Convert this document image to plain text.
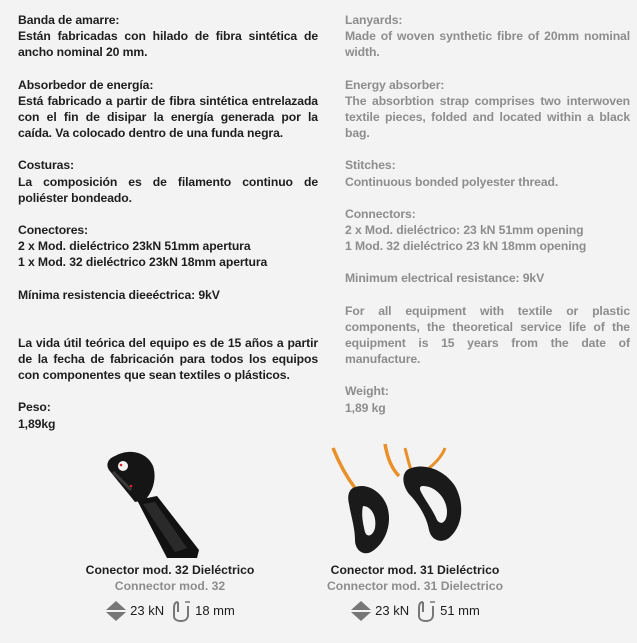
Banda de amarre:
Están fabricadas con hilado de fibra sintética de ancho nominal 20 mm.
Absorbedor de energía:
Está fabricado a partir de fibra sintética entrelazada con el fin de disipar la energía generada por la caída. Va colocado dentro de una funda negra.
Costuras:
La composición es de filamento continuo de poliéster bondeado.
Conectores:
2 x Mod. dieléctrico 23kN 51mm apertura
1 x Mod. 32 dieléctrico 23kN 18mm apertura
Mínima resistencia dieeéctrica: 9kV
La vida útil teórica del equipo es de 15 años a partir de la fecha de fabricación para todos los equipos con componentes que sean textiles o plásticos.
Peso:
1,89kg
Lanyards:
Made of woven synthetic fibre of 20mm nominal width.
Energy absorber:
The absorbtion strap comprises two interwoven textile pieces, folded and located within a black bag.
Stitches:
Continuous bonded polyester thread.
Connectors:
2 x Mod. dieléctrico: 23 kN 51mm opening
1 Mod. 32 dieléctrico 23 kN 18mm opening
Minimum electrical resistance: 9kV
For all equipment with textile or plastic components, the theoretical service life of the equipment is 15 years from the date of manufacture.
Weight:
1,89 kg
Conector mod. 32 Dieléctrico
Connector mod. 32
23 kN 18 mm
Conector mod. 31 Dieléctrico
Connector mod. 31 Dielectrico
23 kN 51 mm
